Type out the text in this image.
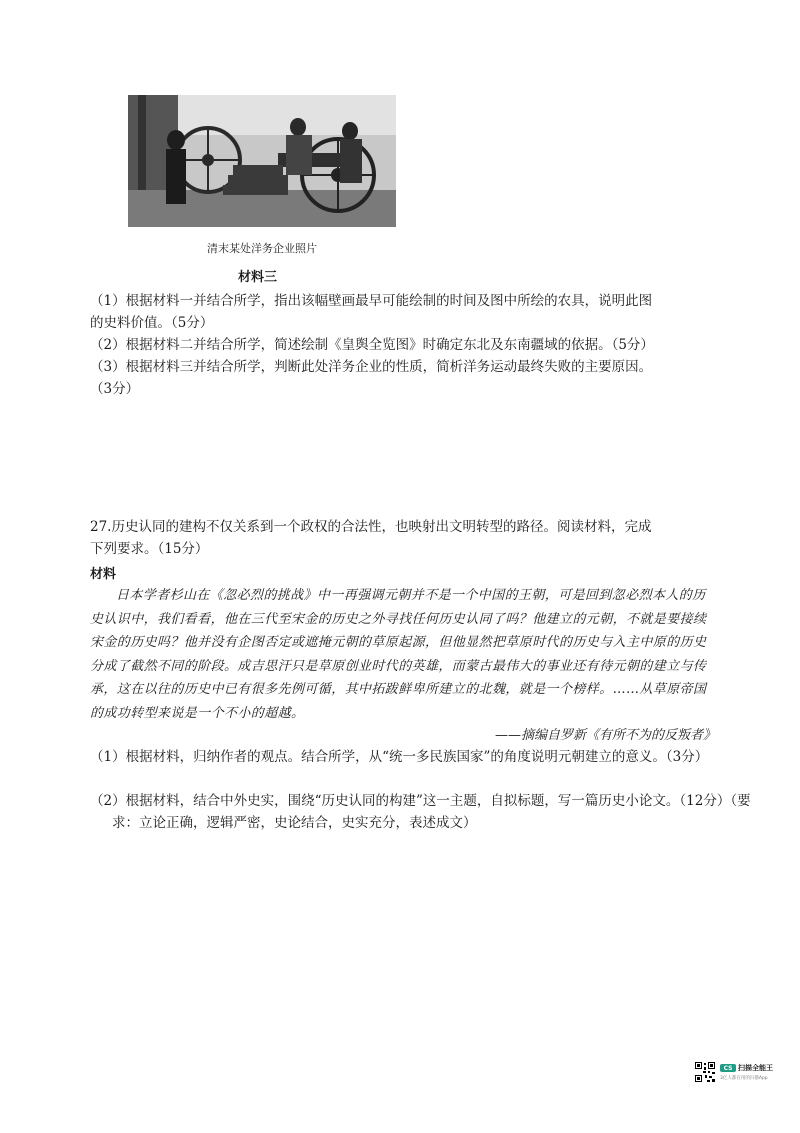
清末某处洋务企业照片
材料三
（1）根据材料一并结合所学，指出该幅壁画最早可能绘制的时间及图中所绘的农具，说明此图
的史料价值。（5分）
（2）根据材料二并结合所学，简述绘制《皇舆全览图》时确定东北及东南疆域的依据。（5分）
（3）根据材料三并结合所学，判断此处洋务企业的性质，简析洋务运动最终失败的主要原因。
（3分）
27.历史认同的建构不仅关系到一个政权的合法性，也映射出文明转型的路径。阅读材料，完成
下列要求。（15分）
材料
日本学者杉山在《忽必烈的挑战》中一再强调元朝并不是一个中国的王朝，可是回到忽必烈本人的历史认识中，我们看看，他在三代至宋金的历史之外寻找任何历史认同了吗？他建立的元朝，不就是要接续宋金的历史吗？他并没有企图否定或遮掩元朝的草原起源，但他显然把草原时代的历史与入主中原的历史分成了截然不同的阶段。成吉思汗只是草原创业时代的英雄，而蒙古最伟大的事业还有待元朝的建立与传承，这在以往的历史中已有很多先例可循，其中拓跋鲜卑所建立的北魏，就是一个榜样。……从草原帝国的成功转型来说是一个不小的超越。
——摘编自罗新《有所不为的反叛者》
（1）根据材料，归纳作者的观点。结合所学，从“统一多民族国家”的角度说明元朝建立的意义。（3分）
（2）根据材料，结合中外史实，围绕“历史认同的构建”这一主题，自拟标题，写一篇历史小论文。（12分）（要求：立论正确，逻辑严密，史论结合，史实充分，表述成文）
CS 扫描全能王
3亿人都在用的扫描App
